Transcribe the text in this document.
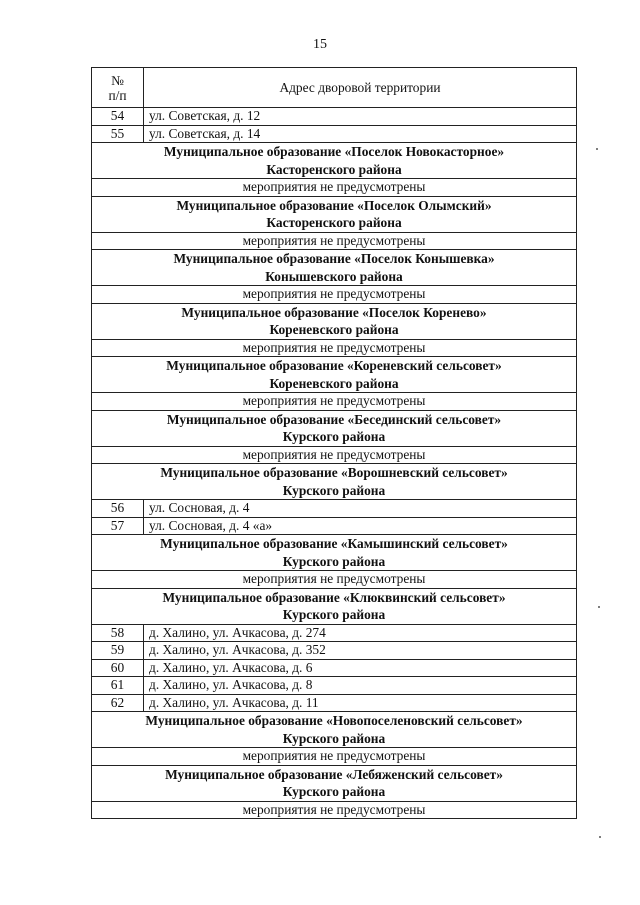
15
№
п/п	Адрес дворовой территории
54	ул. Советская, д. 12
55	ул. Советская, д. 14
Муниципальное образование «Поселок Новокасторное»
Касторенского района	
мероприятия не предусмотрены	
Муниципальное образование «Поселок Олымский»
Касторенского района	
мероприятия не предусмотрены	
Муниципальное образование «Поселок Конышевка»
Конышевского района	
мероприятия не предусмотрены	
Муниципальное образование «Поселок Коренево»
Кореневского района	
мероприятия не предусмотрены	
Муниципальное образование «Кореневский сельсовет»
Кореневского района	
мероприятия не предусмотрены	
Муниципальное образование «Бесединский сельсовет»
Курского района	
мероприятия не предусмотрены	
Муниципальное образование «Ворошневский сельсовет»
Курского района	
56	ул. Сосновая, д. 4
57	ул. Сосновая, д. 4 «а»
Муниципальное образование «Камышинский сельсовет»
Курского района	
мероприятия не предусмотрены	
Муниципальное образование «Клюквинский сельсовет»
Курского района	
58	д. Халино, ул. Ачкасова, д. 274
59	д. Халино, ул. Ачкасова, д. 352
60	д. Халино, ул. Ачкасова, д. 6
61	д. Халино, ул. Ачкасова, д. 8
62	д. Халино, ул. Ачкасова, д. 11
Муниципальное образование «Новопоселеновский сельсовет»
Курского района	
мероприятия не предусмотрены	
Муниципальное образование «Лебяженский сельсовет»
Курского района	
мероприятия не предусмотрены	
